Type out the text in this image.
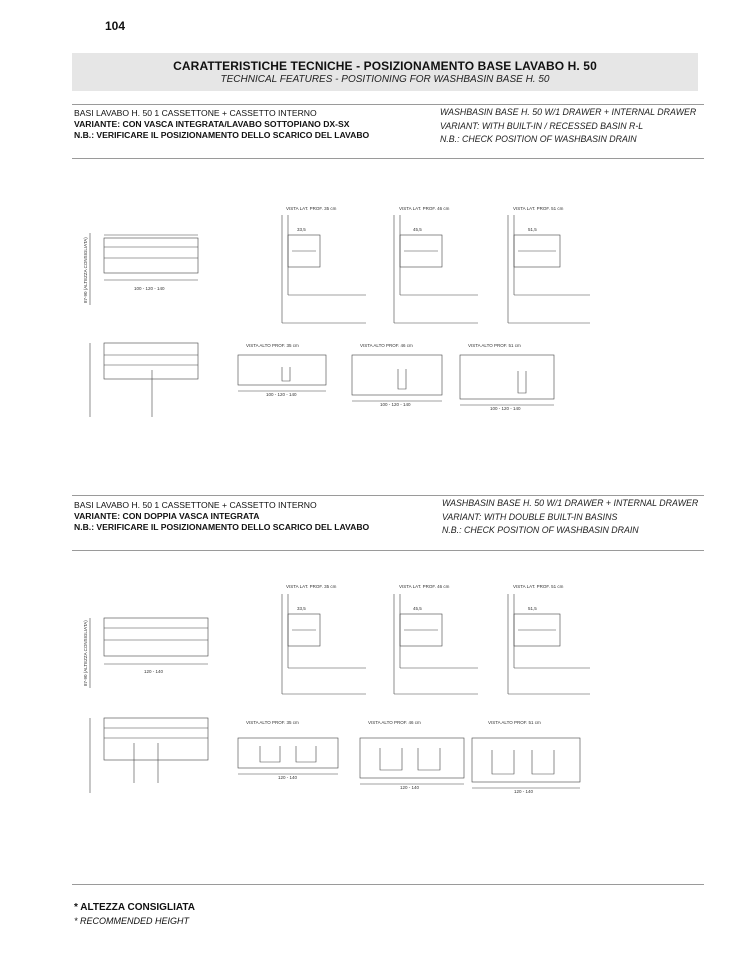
104
CARATTERISTICHE TECNICHE - POSIZIONAMENTO BASE LAVABO H. 50
TECHNICAL FEATURES - POSITIONING FOR WASHBASIN BASE H. 50
BASI LAVABO H. 50 1 CASSETTONE + CASSETTO INTERNO
VARIANTE: CON VASCA INTEGRATA/LAVABO SOTTOPIANO DX-SX
N.B.: VERIFICARE IL POSIZIONAMENTO DELLO SCARICO DEL LAVABO
WASHBASIN BASE H. 50 W/1 DRAWER + INTERNAL DRAWER
VARIANT: WITH BUILT-IN / RECESSED BASIN R-L
N.B.: CHECK POSITION OF WASHBASIN DRAIN
VISTA LAT. PROF. 35 cm	VISTA LAT. PROF. 46 cm	VISTA LAT. PROF. 51 cm
33,5	45,5	51,5
VISTA ALTO PROF. 35 cm	VISTA ALTO PROF. 46 cm	VISTA ALTO PROF. 51 cm
100 - 120 - 140
100 - 120 - 140
100 - 120 - 140
100 - 120 - 140
87-90 (ALTEZZA CONSIGLIATA)
BASI LAVABO H. 50 1 CASSETTONE + CASSETTO INTERNO
VARIANTE: CON DOPPIA VASCA INTEGRATA
N.B.: VERIFICARE IL POSIZIONAMENTO DELLO SCARICO DEL LAVABO
WASHBASIN BASE H. 50 W/1 DRAWER + INTERNAL DRAWER
VARIANT: WITH DOUBLE BUILT-IN BASINS
N.B.: CHECK POSITION OF WASHBASIN DRAIN
VISTA LAT. PROF. 35 cm	VISTA LAT. PROF. 46 cm	VISTA LAT. PROF. 51 cm
33,5	45,5	51,5
VISTA ALTO PROF. 35 cm	VISTA ALTO PROF. 46 cm	VISTA ALTO PROF. 51 cm
120 - 140
120 - 140
120 - 140
120 - 140
87-90 (ALTEZZA CONSIGLIATA)
* ALTEZZA CONSIGLIATA
* RECOMMENDED HEIGHT
